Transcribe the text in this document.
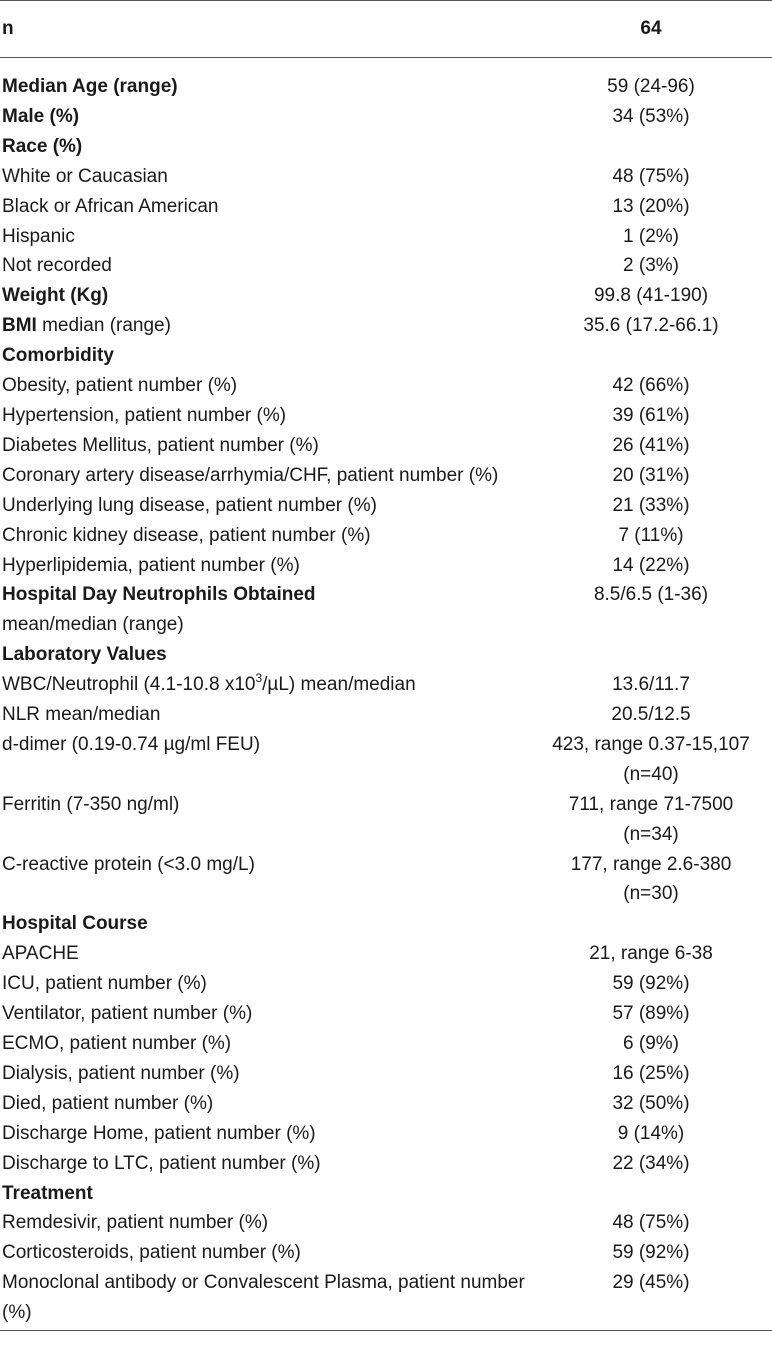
n	64
Median Age (range)	59 (24-96)
Male (%)	34 (53%)
Race (%)	
White or Caucasian	48 (75%)
Black or African American	13 (20%)
Hispanic	1 (2%)
Not recorded	2 (3%)
Weight (Kg)	99.8 (41-190)
BMI median (range)	35.6 (17.2-66.1)
Comorbidity	
Obesity, patient number (%)	42 (66%)
Hypertension, patient number (%)	39 (61%)
Diabetes Mellitus, patient number (%)	26 (41%)
Coronary artery disease/arrhymia/CHF, patient number (%)	20 (31%)
Underlying lung disease, patient number (%)	21 (33%)
Chronic kidney disease, patient number (%)	7 (11%)
Hyperlipidemia, patient number (%)	14 (22%)
Hospital Day Neutrophils Obtained
mean/median (range)	8.5/6.5 (1-36)
Laboratory Values	
WBC/Neutrophil (4.1-10.8 $x10^3/\mu L$) mean/median	13.6/11.7
NLR mean/median	20.5/12.5
d-dimer (0.19-0.74 µg/ml FEU)	423, range 0.37-15,107
(n=40)
Ferritin (7-350 ng/ml)	711, range 71-7500
(n=34)
C-reactive protein (<3.0 mg/L)	177, range 2.6-380
(n=30)
Hospital Course	
APACHE	21, range 6-38
ICU, patient number (%)	59 (92%)
Ventilator, patient number (%)	57 (89%)
ECMO, patient number (%)	6 (9%)
Dialysis, patient number (%)	16 (25%)
Died, patient number (%)	32 (50%)
Discharge Home, patient number (%)	9 (14%)
Discharge to LTC, patient number (%)	22 (34%)
Treatment	
Remdesivir, patient number (%)	48 (75%)
Corticosteroids, patient number (%)	59 (92%)
Monoclonal antibody or Convalescent Plasma, patient number (%)	29 (45%)
